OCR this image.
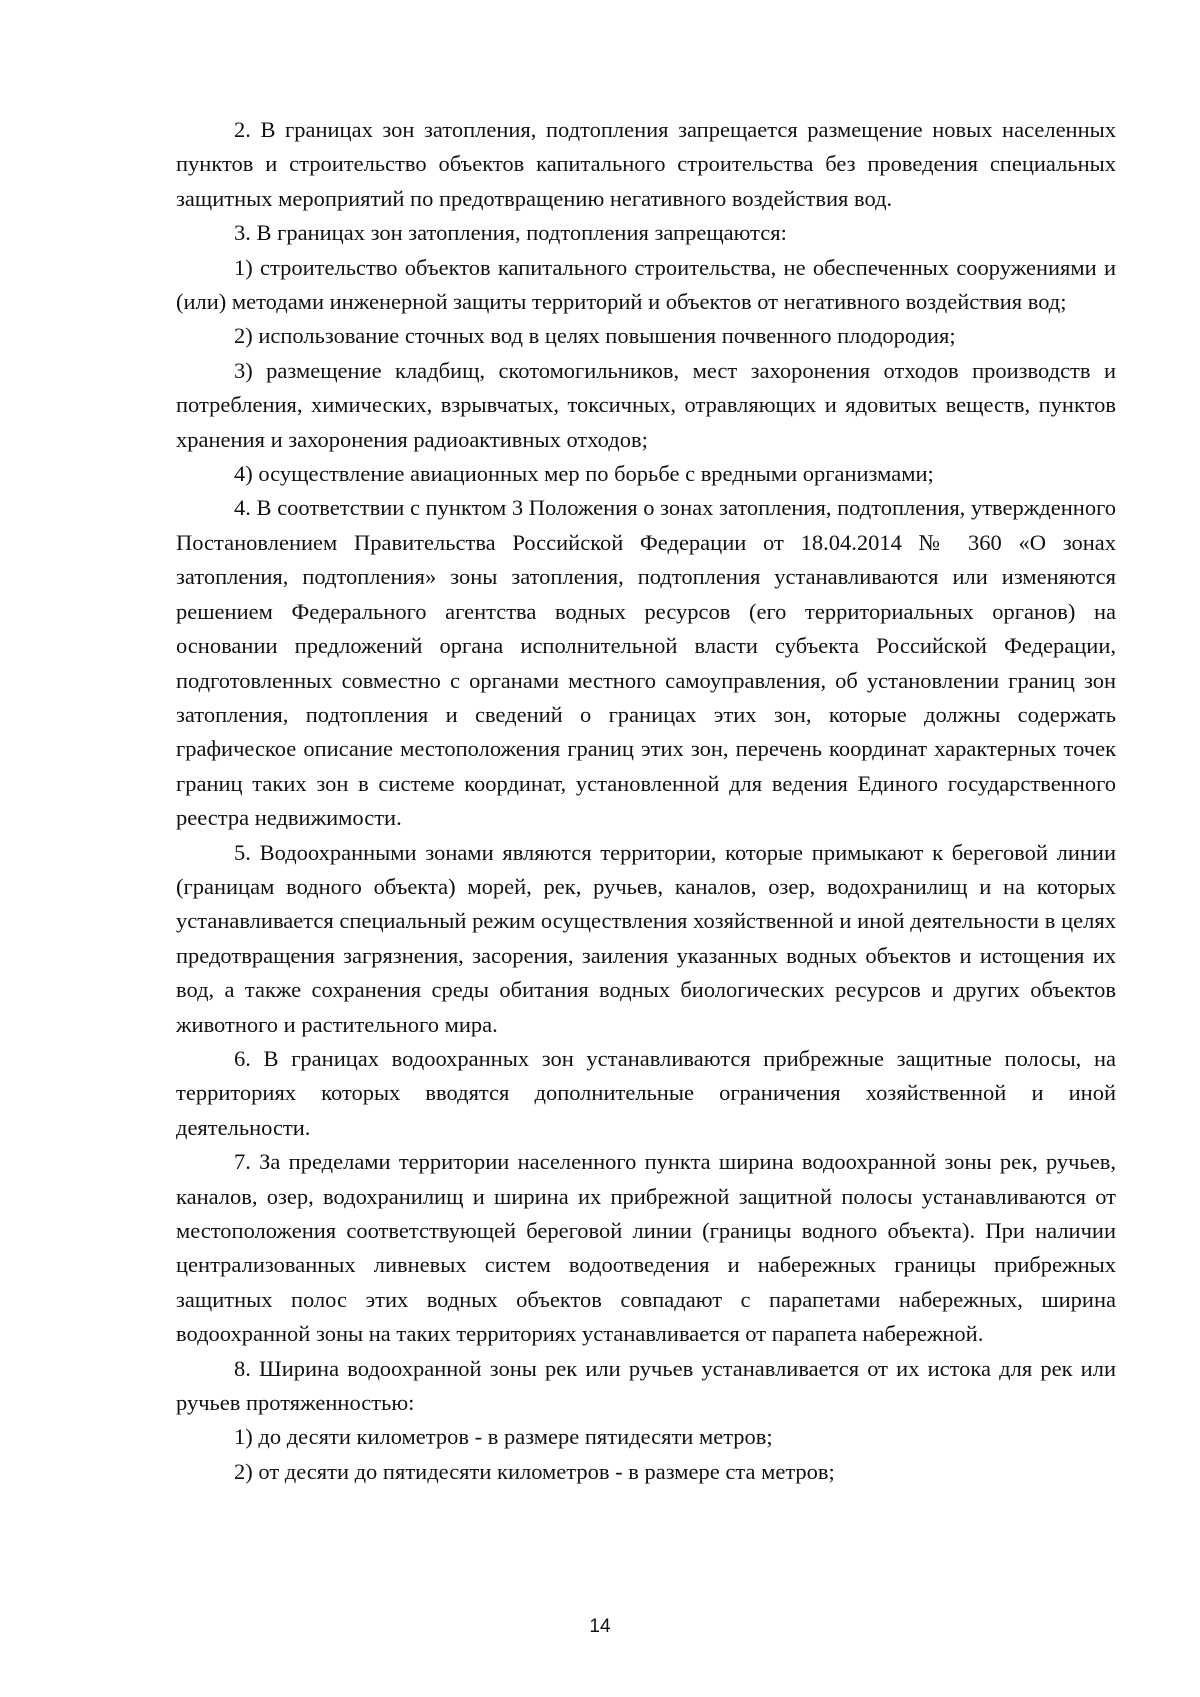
2. В границах зон затопления, подтопления запрещается размещение новых населенных пунктов и строительство объектов капитального строительства без проведения специальных защитных мероприятий по предотвращению негативного воздействия вод.

3. В границах зон затопления, подтопления запрещаются:

1) строительство объектов капитального строительства, не обеспеченных сооружениями и (или) методами инженерной защиты территорий и объектов от негативного воздействия вод;

2) использование сточных вод в целях повышения почвенного плодородия;

3) размещение кладбищ, скотомогильников, мест захоронения отходов производств и потребления, химических, взрывчатых, токсичных, отравляющих и ядовитых веществ, пунктов хранения и захоронения радиоактивных отходов;

4) осуществление авиационных мер по борьбе с вредными организмами;

4. В соответствии с пунктом 3 Положения о зонах затопления, подтопления, утвержденного Постановлением Правительства Российской Федерации от 18.04.2014 № 360 «О зонах затопления, подтопления» зоны затопления, подтопления устанавливаются или изменяются решением Федерального агентства водных ресурсов (его территориальных органов) на основании предложений органа исполнительной власти субъекта Российской Федерации, подготовленных совместно с органами местного самоуправления, об установлении границ зон затопления, подтопления и сведений о границах этих зон, которые должны содержать графическое описание местоположения границ этих зон, перечень координат характерных точек границ таких зон в системе координат, установленной для ведения Единого государственного реестра недвижимости.

5. Водоохранными зонами являются территории, которые примыкают к береговой линии (границам водного объекта) морей, рек, ручьев, каналов, озер, водохранилищ и на которых устанавливается специальный режим осуществления хозяйственной и иной деятельности в целях предотвращения загрязнения, засорения, заиления указанных водных объектов и истощения их вод, а также сохранения среды обитания водных биологических ресурсов и других объектов животного и растительного мира.

6. В границах водоохранных зон устанавливаются прибрежные защитные полосы, на территориях которых вводятся дополнительные ограничения хозяйственной и иной деятельности.

7. За пределами территории населенного пункта ширина водоохранной зоны рек, ручьев, каналов, озер, водохранилищ и ширина их прибрежной защитной полосы устанавливаются от местоположения соответствующей береговой линии (границы водного объекта). При наличии централизованных ливневых систем водоотведения и набережных границы прибрежных защитных полос этих водных объектов совпадают с парапетами набережных, ширина водоохранной зоны на таких территориях устанавливается от парапета набережной.

8. Ширина водоохранной зоны рек или ручьев устанавливается от их истока для рек или ручьев протяженностью:

1) до десяти километров - в размере пятидесяти метров;

2) от десяти до пятидесяти километров - в размере ста метров;

14
